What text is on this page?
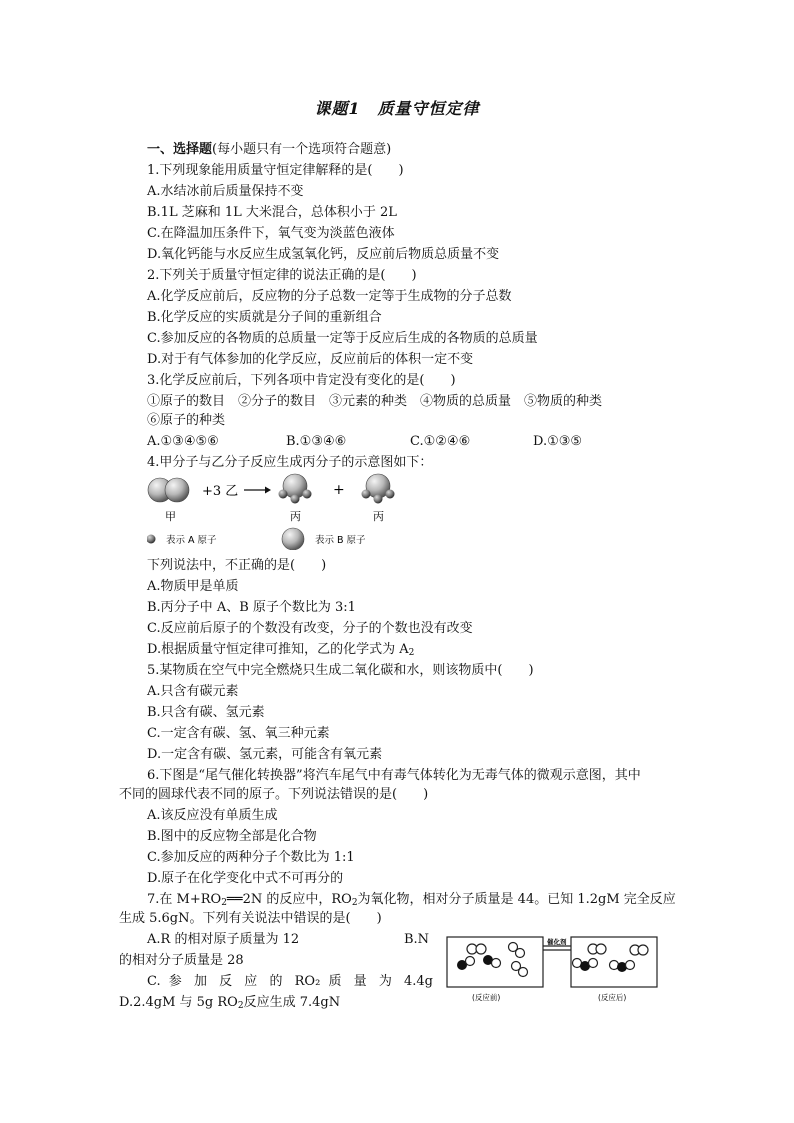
课题1　质量守恒定律
一、选择题(每小题只有一个选项符合题意)
1.下列现象能用质量守恒定律解释的是(　　)
A.水结冰前后质量保持不变
B.1L 芝麻和 1L 大米混合，总体积小于 2L
C.在降温加压条件下，氧气变为淡蓝色液体
D.氧化钙能与水反应生成氢氧化钙，反应前后物质总质量不变
2.下列关于质量守恒定律的说法正确的是(　　)
A.化学反应前后，反应物的分子总数一定等于生成物的分子总数
B.化学反应的实质就是分子间的重新组合
C.参加反应的各物质的总质量一定等于反应后生成的各物质的总质量
D.对于有气体参加的化学反应，反应前后的体积一定不变
3.化学反应前后，下列各项中肯定没有变化的是(　　)
①原子的数目　②分子的数目　③元素的种类　④物质的总质量　⑤物质的种类
⑥原子的种类
A.①③④⑤⑥	B.①③④⑥	C.①②④⑥	D.①③⑤
4.甲分子与乙分子反应生成丙分子的示意图如下：
+3 乙	+
甲	丙	丙
表示 A 原子	表示 B 原子
下列说法中，不正确的是(　　)
A.物质甲是单质
B.丙分子中 A、B 原子个数比为 3:1
C.反应前后原子的个数没有改变，分子的个数也没有改变
D.根据质量守恒定律可推知，乙的化学式为 $A_2$
5.某物质在空气中完全燃烧只生成二氧化碳和水，则该物质中(　　)
A.只含有碳元素
B.只含有碳、氢元素
C.一定含有碳、氢、氧三种元素
D.一定含有碳、氢元素，可能含有氧元素
6.下图是“尾气催化转换器”将汽车尾气中有毒气体转化为无毒气体的微观示意图，其中
不同的圆球代表不同的原子。下列说法错误的是(　　)
A.该反应没有单质生成
B.图中的反应物全部是化合物
C.参加反应的两种分子个数比为 1:1
D.原子在化学变化中式不可再分的
7.在 $M+RO_2══2N$ 的反应中，$RO_2$为氧化物，相对分子质量是 44。已知 1.2gM 完全反应
生成 5.6gN。下列有关说法中错误的是(　　)
A.R 的相对原子质量为 12	B.N
的相对分子质量是 28
C. 参 加 反 应 的 RO₂ 质 量 为 4.4g
D.2.4gM 与 5g $RO_2$反应生成 7.4gN
催化剂
(反应前)	(反应后)
